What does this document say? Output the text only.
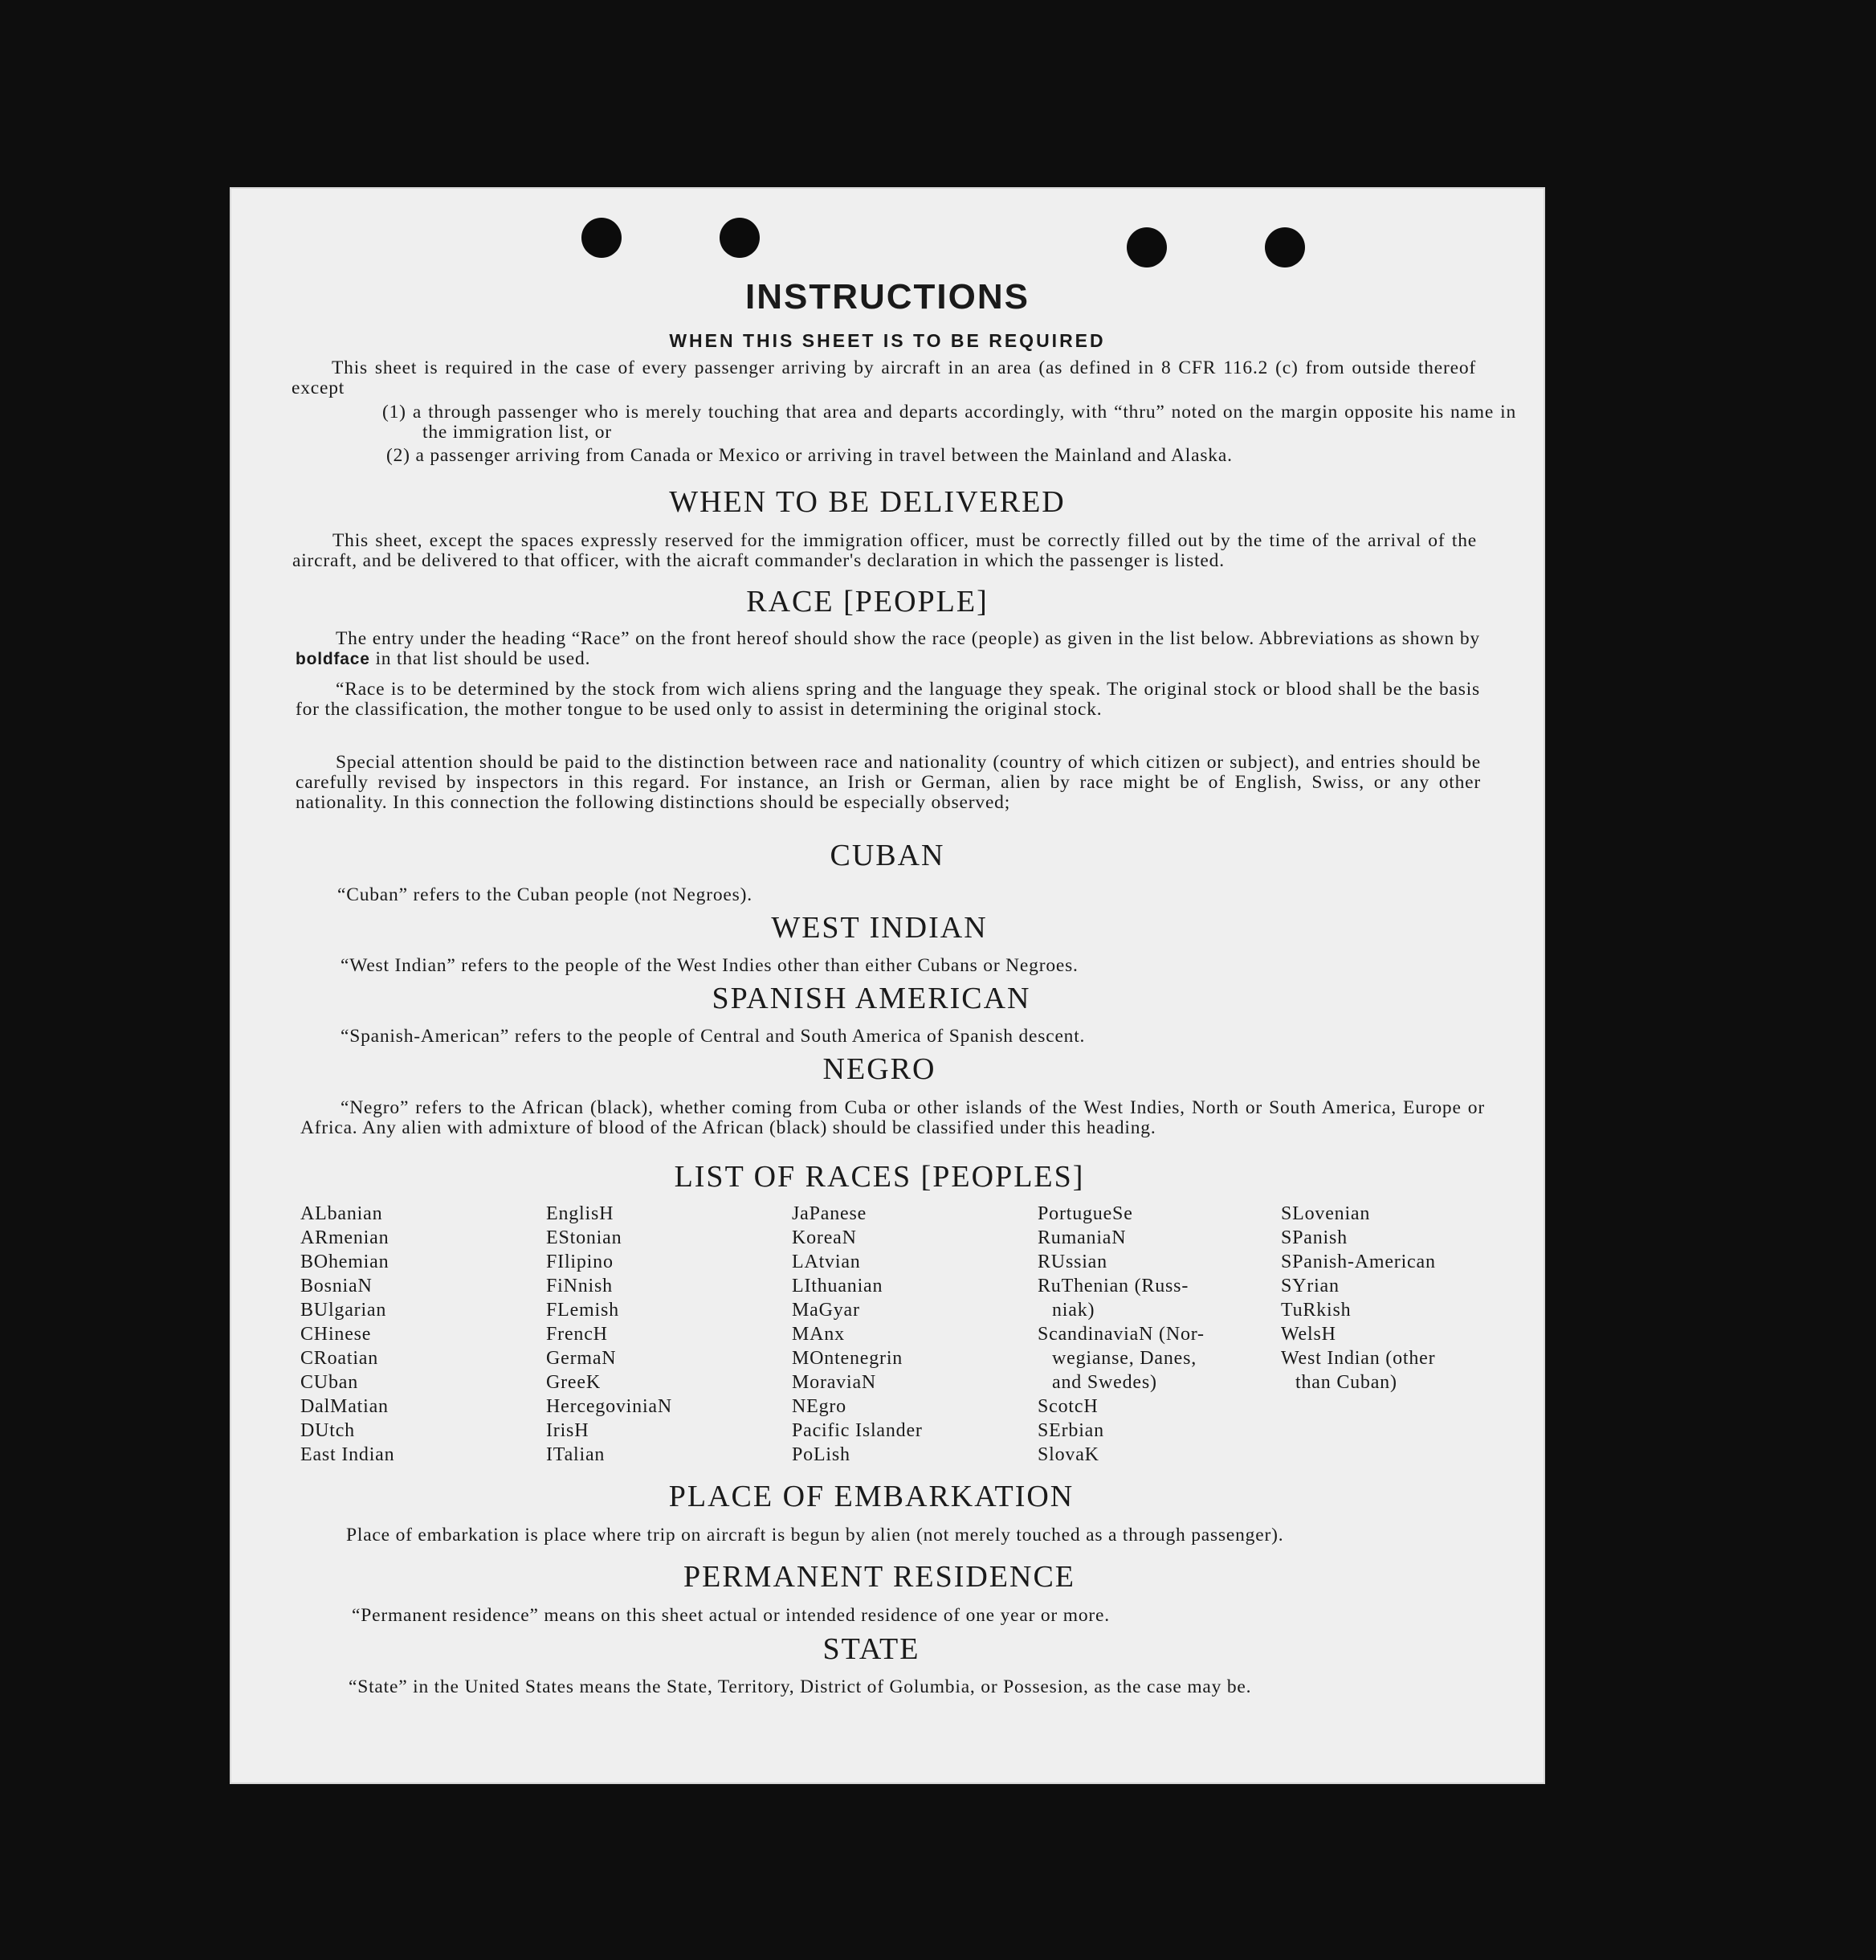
INSTRUCTIONS
WHEN THIS SHEET IS TO BE REQUIRED
This sheet is required in the case of every passenger arriving by aircraft in an area (as defined in 8 CFR 116.2 (c) from outside thereof except
(1) a through passenger who is merely touching that area and departs accordingly, with “thru” noted on the margin opposite his name in the immigration list, or
(2) a passenger arriving from Canada or Mexico or arriving in travel between the Mainland and Alaska.
WHEN TO BE DELIVERED
This sheet, except the spaces expressly reserved for the immigration officer, must be correctly filled out by the time of the arrival of the aircraft, and be delivered to that officer, with the aicraft commander's declaration in which the passenger is listed.
RACE [PEOPLE]
The entry under the heading “Race” on the front hereof should show the race (people) as given in the list below. Abbreviations as shown by boldface in that list should be used.
“Race is to be determined by the stock from wich aliens spring and the language they speak. The original stock or blood shall be the basis for the classification, the mother tongue to be used only to assist in determining the original stock.
Special attention should be paid to the distinction between race and nationality (country of which citizen or subject), and entries should be carefully revised by inspectors in this regard. For instance, an Irish or German, alien by race might be of English, Swiss, or any other nationality. In this connection the following distinctions should be especially observed;
CUBAN
“Cuban” refers to the Cuban people (not Negroes).
WEST INDIAN
“West Indian” refers to the people of the West Indies other than either Cubans or Negroes.
SPANISH AMERICAN
“Spanish-American” refers to the people of Central and South America of Spanish descent.
NEGRO
“Negro” refers to the African (black), whether coming from Cuba or other islands of the West Indies, North or South America, Europe or Africa. Any alien with admixture of blood of the African (black) should be classified under this heading.
LIST OF RACES [PEOPLES]
ALbanian
ARmenian
BOhemian
BosniaN
BUlgarian
CHinese
CRoatian
CUban
DalMatian
DUtch
East Indian
EnglisH
EStonian
FIlipino
FiNnish
FLemish
FrencH
GermaN
GreeK
HercegoviniaN
IrisH
ITalian
JaPanese
KoreaN
LAtvian
LIthuanian
MaGyar
MAnx
MOntenegrin
MoraviaN
NEgro
Pacific Islander
PoLish
PortugueSe
RumaniaN
RUssian
RuThenian (Russ-
niak)
ScandinaviaN (Nor-
wegianse, Danes,
and Swedes)
ScotcH
SErbian
SlovaK
SLovenian
SPanish
SPanish-American
SYrian
TuRkish
WelsH
West Indian (other
than Cuban)
PLACE OF EMBARKATION
Place of embarkation is place where trip on aircraft is begun by alien (not merely touched as a through passenger).
PERMANENT RESIDENCE
“Permanent residence” means on this sheet actual or intended residence of one year or more.
STATE
“State” in the United States means the State, Territory, District of Golumbia, or Possesion, as the case may be.
